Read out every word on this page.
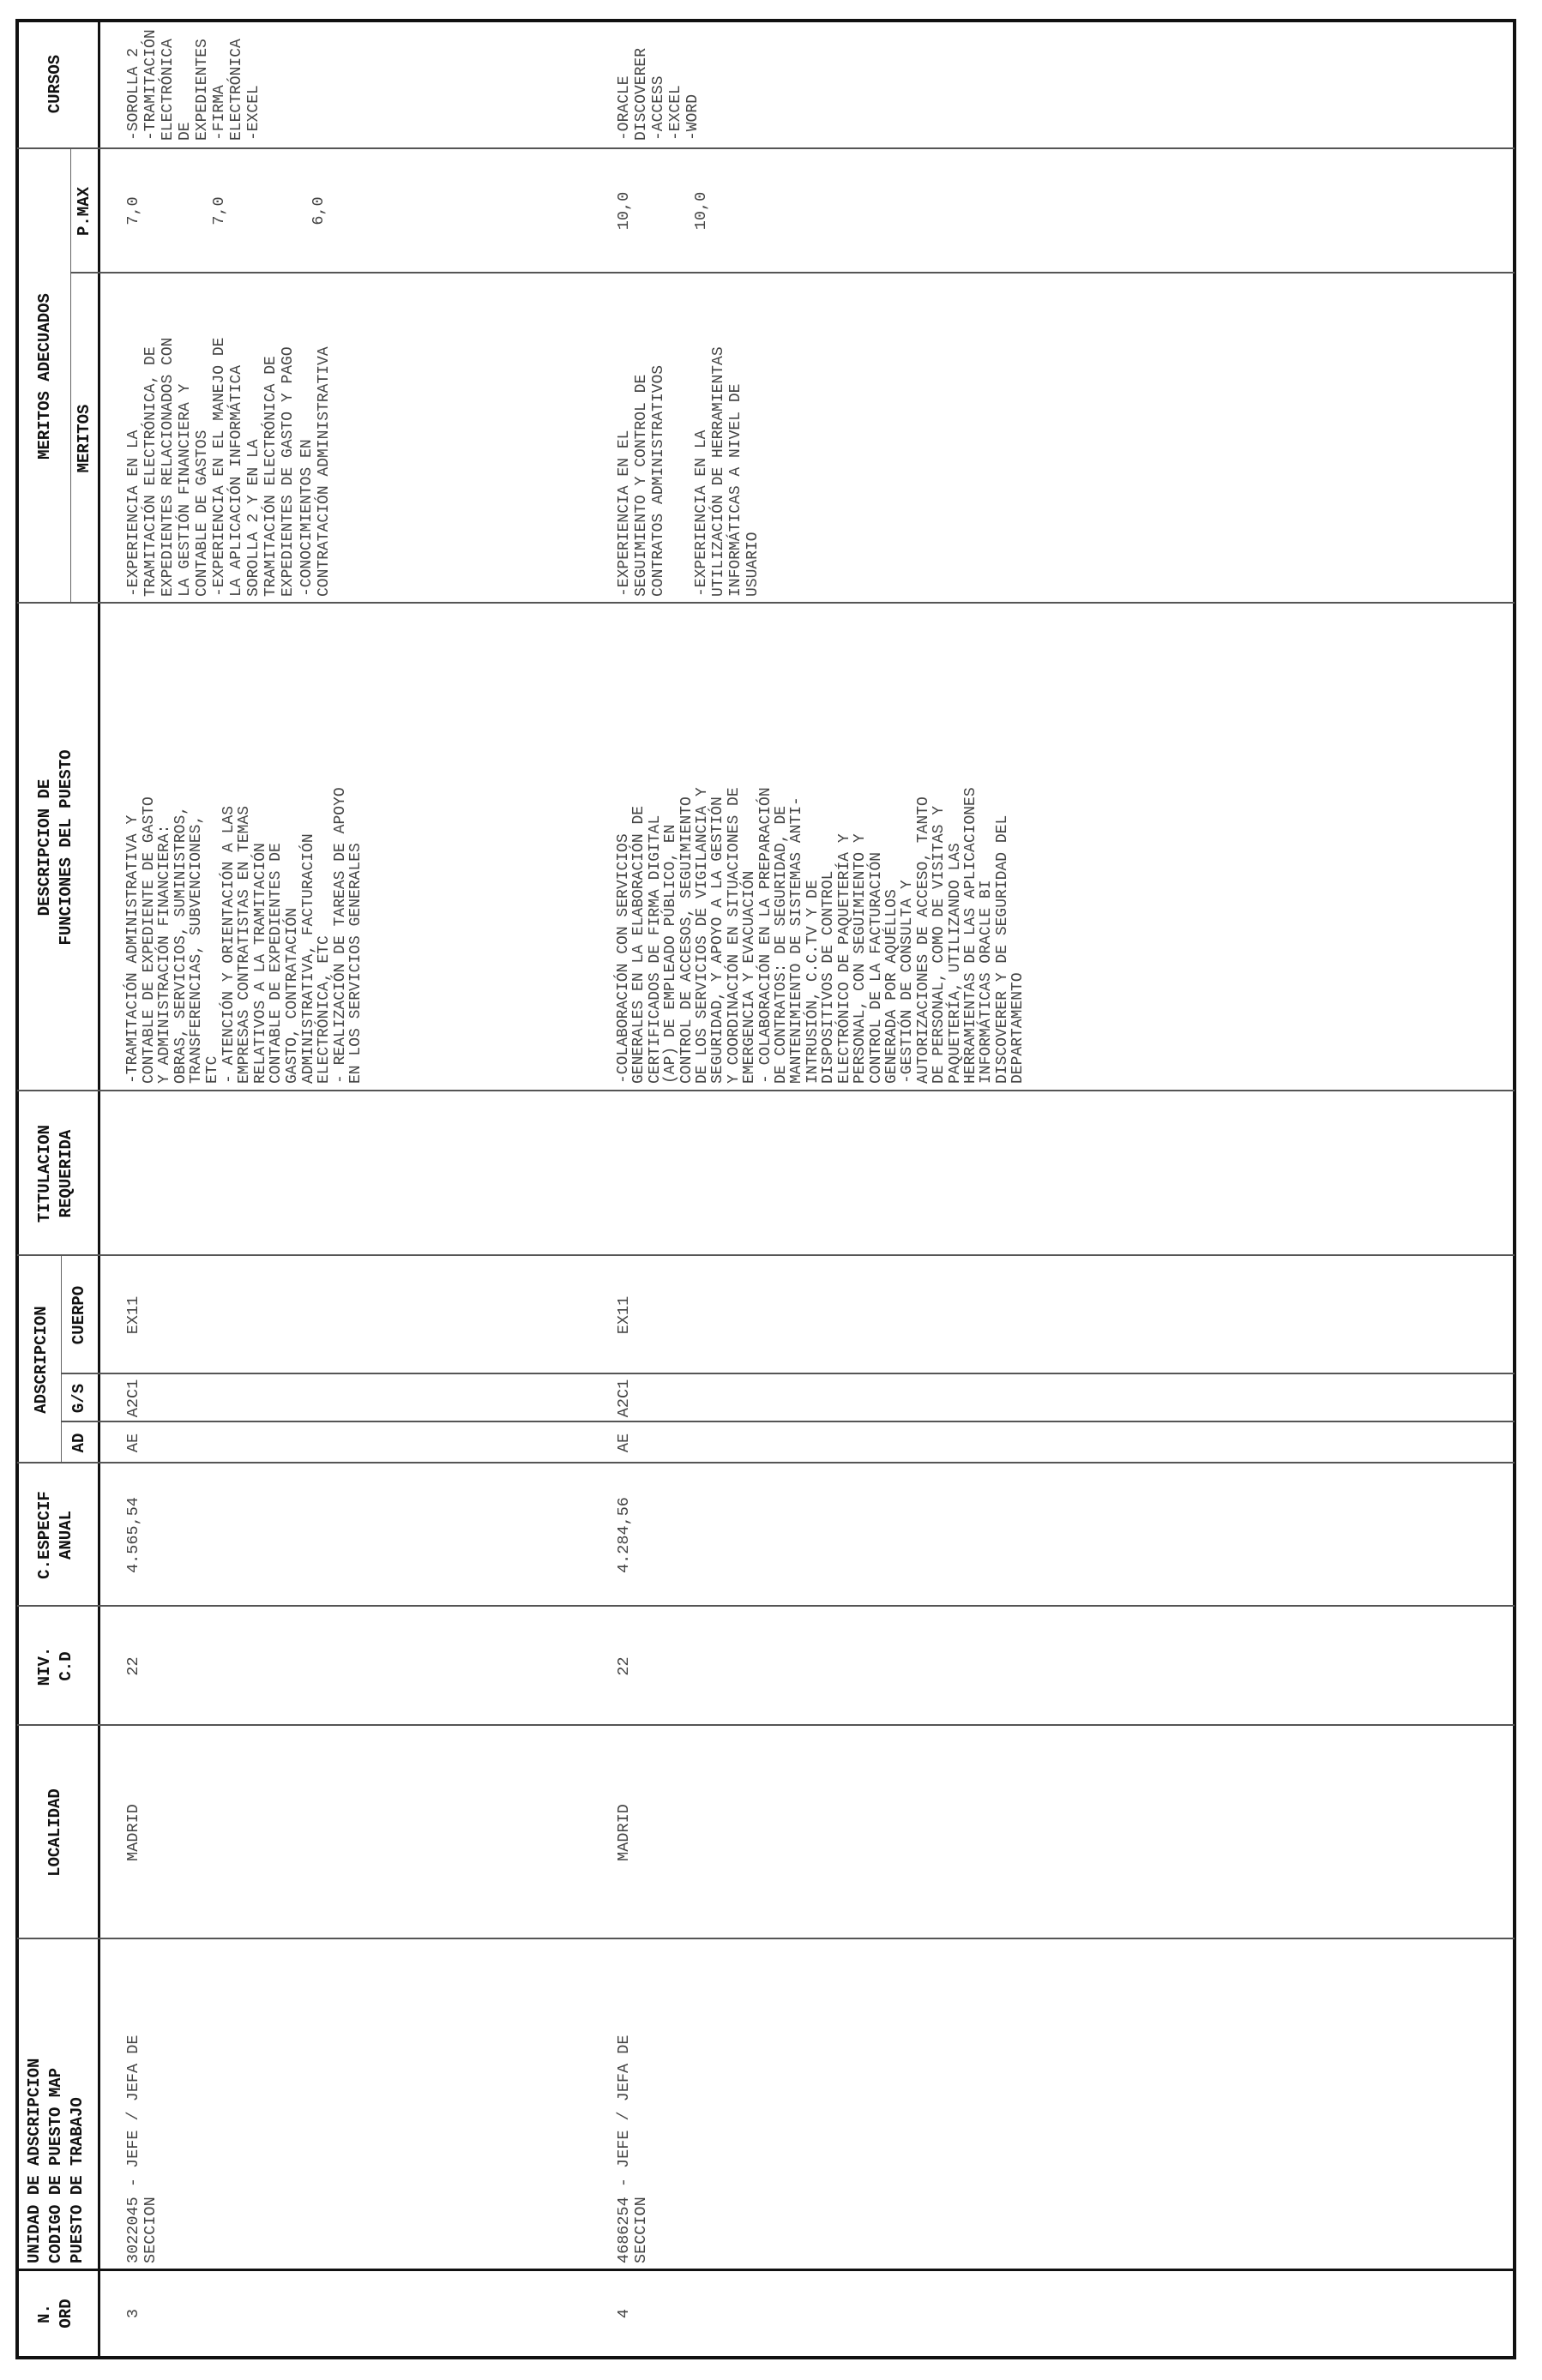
N.
ORD
UNIDAD DE ADSCRIPCION
CODIGO DE PUESTO MAP
PUESTO DE TRABAJO
LOCALIDAD
NIV.
C.D
C.ESPECIF
ANUAL
ADSCRIPCION
AD
G/S
CUERPO
TITULACION
REQUERIDA
DESCRIPCION DE
FUNCIONES DEL PUESTO
MERITOS ADECUADOS MERITOS
P.MAX
CURSOS
3
3022045 - JEFE / JEFA DE
SECCION
MADRID
22
4.565,54
AE
A2C1
EX11
-TRAMITACIÓN ADMINISTRATIVA Y
CONTABLE DE EXPEDIENTE DE GASTO
Y ADMINISTRACIÓN FINANCIERA:
OBRAS, SERVICIOS, SUMINISTROS,
TRANSFERENCIAS, SUBVENCIONES,
ETC
- ATENCIÓN Y ORIENTACIÓN A LAS
EMPRESAS CONTRATISTAS EN TEMAS
RELATIVOS A LA TRAMITACIÓN
CONTABLE DE EXPEDIENTES DE
GASTO, CONTRATACIÓN
ADMINISTRATIVA, FACTURACIÓN
ELECTRÓNICA, ETC
- REALIZACIÓN DE TAREAS DE APOYO
EN LOS SERVICIOS GENERALES
-EXPERIENCIA EN LA
TRAMITACIÓN ELECTRÓNICA, DE
EXPEDIENTES RELACIONADOS CON
LA GESTIÓN FINANCIERA Y
CONTABLE DE GASTOS
7,0
-EXPERIENCIA EN EL MANEJO DE
LA APLICACIÓN INFORMÁTICA
SOROLLA 2 Y EN LA
TRAMITACIÓN ELECTRÓNICA DE
EXPEDIENTES DE GASTO Y PAGO
7,0
-CONOCIMIENTOS EN
CONTRATACIÓN ADMINISTRATIVA
6,0
-SOROLLA 2
-TRAMITACIÓN
ELECTRÓNICA DE
EXPEDIENTES
-FIRMA ELECTRÓNICA
-EXCEL
4
4686254 - JEFE / JEFA DE
SECCION
MADRID
22
4.284,56
AE
A2C1
EX11
-COLABORACIÓN CON SERVICIOS
GENERALES EN LA ELABORACIÓN DE
CERTIFICADOS DE FIRMA DIGITAL
(AP) DE EMPLEADO PÚBLICO, EN
CONTROL DE ACCESOS, SEGUIMIENTO
DE LOS SERVICIOS DE VIGILANCIA Y
SEGURIDAD, Y APOYO A LA GESTIÓN
Y COORDINACIÓN EN SITUACIONES DE
EMERGENCIA Y EVACUACIÓN
- COLABORACIÓN EN LA PREPARACIÓN
DE CONTRATOS: DE SEGURIDAD, DE
MANTENIMIENTO DE SISTEMAS ANTI-
INTRUSIÓN, C.C.TV Y DE
DISPOSITIVOS DE CONTROL
ELECTRÓNICO DE PAQUETERÍA Y
PERSONAL, CON SEGUIMIENTO Y
CONTROL DE LA FACTURACIÓN
GENERADA POR AQUÉLLOS
-GESTIÓN DE CONSULTA Y
AUTORIZACIONES DE ACCESO, TANTO
DE PERSONAL, COMO DE VISITAS Y
PAQUETERÍA, UTILIZANDO LAS
HERRAMIENTAS DE LAS APLICACIONES
INFORMÁTICAS ORACLE BI
DISCOVERER Y DE SEGURIDAD DEL
DEPARTAMENTO
-EXPERIENCIA EN EL
SEGUIMIENTO Y CONTROL DE
CONTRATOS ADMINISTRATIVOS
10,0
-EXPERIENCIA EN LA
UTILIZACIÓN DE HERRAMIENTAS
INFORMÁTICAS A NIVEL DE
USUARIO
10,0
-ORACLE DISCOVERER
-ACCESS
-EXCEL
-WORD
